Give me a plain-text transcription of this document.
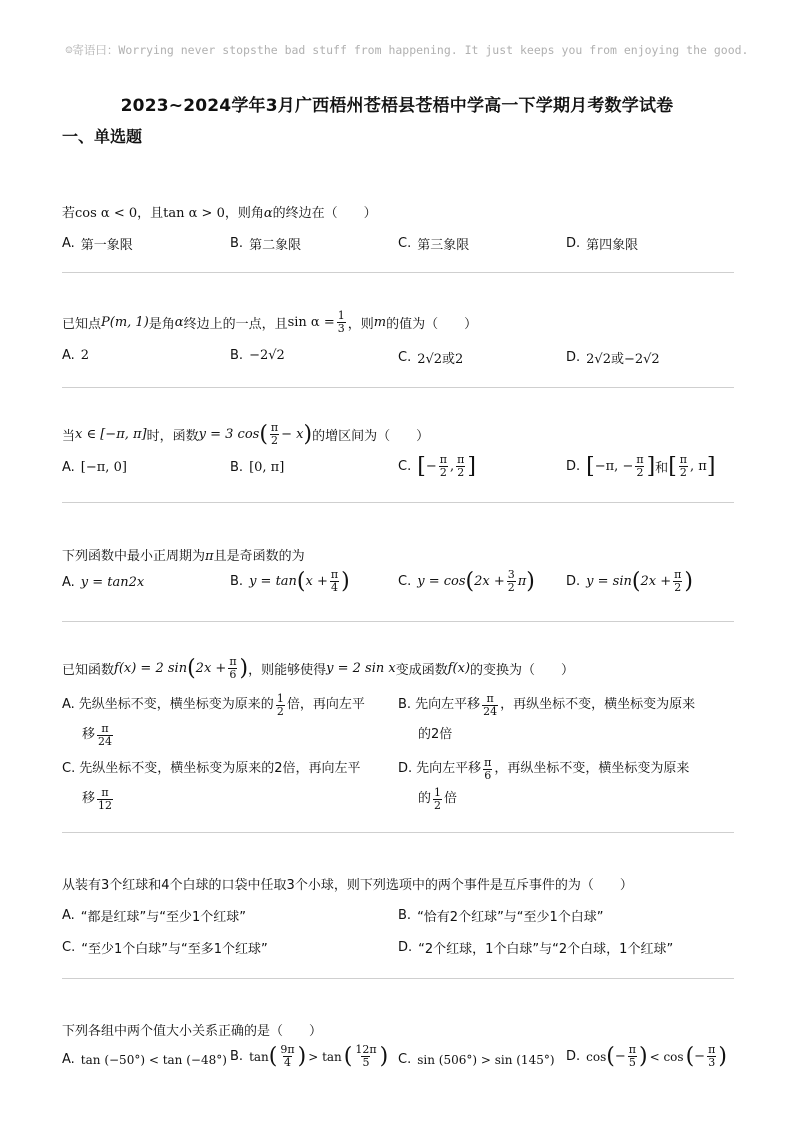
☺寄语曰：Worrying never stopsthe bad stuff from happening. It just keeps you from enjoying the good.
2023~2024学年3月广西梧州苍梧县苍梧中学高一下学期月考数学试卷
一、单选题
若cos α < 0，且tan α > 0，则角α的终边在（　　）
A. 第一象限	B. 第二象限	C. 第三象限	D. 第四象限
已知点 P(m, 1) 是角 α 终边上的一点，且 $\sin \alpha = \frac{1}{3}$ ，则 m 的值为（　　）
A. 2	B. −2√2	C. 2√2或2	D. 2√2或−2√2
当 x ∈ [−π, π] 时，函数 y = 3 cos ( $\frac{\pi}{2} - x$ ) 的增区间为（　　）
A. [−π, 0]	B. [0, π]	C. [ − $\frac{\pi}{2}$ , $\frac{\pi}{2}$ ]	D. [ −π, − $\frac{\pi}{2}$ ] 和 [ $\frac{\pi}{2}$ , π ]
下列函数中最小正周期为π且是奇函数的为
A. y = tan2x	B. y = tan ( $x + \frac{\pi}{4}$ )	C. y = cos ( $2x + \frac{3}{2}$ π ) D. y = sin ( $2x + \frac{\pi}{2}$ )
已知函数 f(x) = 2 sin ( $2x + \frac{\pi}{6}$ ) ，则能够使得 y = 2 sin x 变成函数 f(x) 的变换为（　　）
A. 先纵坐标不变，横坐标变为原来的 $\frac{1}{2}$ 倍，再向左平
移 $\frac{\pi}{24}$
B. 先向左平移 $\frac{\pi}{24}$ ，再纵坐标不变，横坐标变为原来
的2倍
C. 先纵坐标不变，横坐标变为原来的2倍，再向左平
移 $\frac{\pi}{12}$
D. 先向左平移 $\frac{\pi}{6}$ ，再纵坐标不变，横坐标变为原来
的 $\frac{1}{2}$ 倍
从装有3个红球和4个白球的口袋中任取3个小球，则下列选项中的两个事件是互斥事件的为（　　）
A. “都是红球”与“至少1个红球”	B. “恰有2个红球”与“至少1个白球”
C. “至少1个白球”与“至多1个红球”	D. “2个红球，1个白球”与“2个白球，1个红球”
下列各组中两个值大小关系正确的是（　　）
A. tan (−50°) < tan (−48°) B. tan ( $\frac{9\pi}{4}$ ) > tan ( $\frac{12\pi}{5}$ ) C. sin (506°) > sin (145°) D. cos ( − $\frac{\pi}{5}$ ) < cos ( − $\frac{\pi}{3}$ )
